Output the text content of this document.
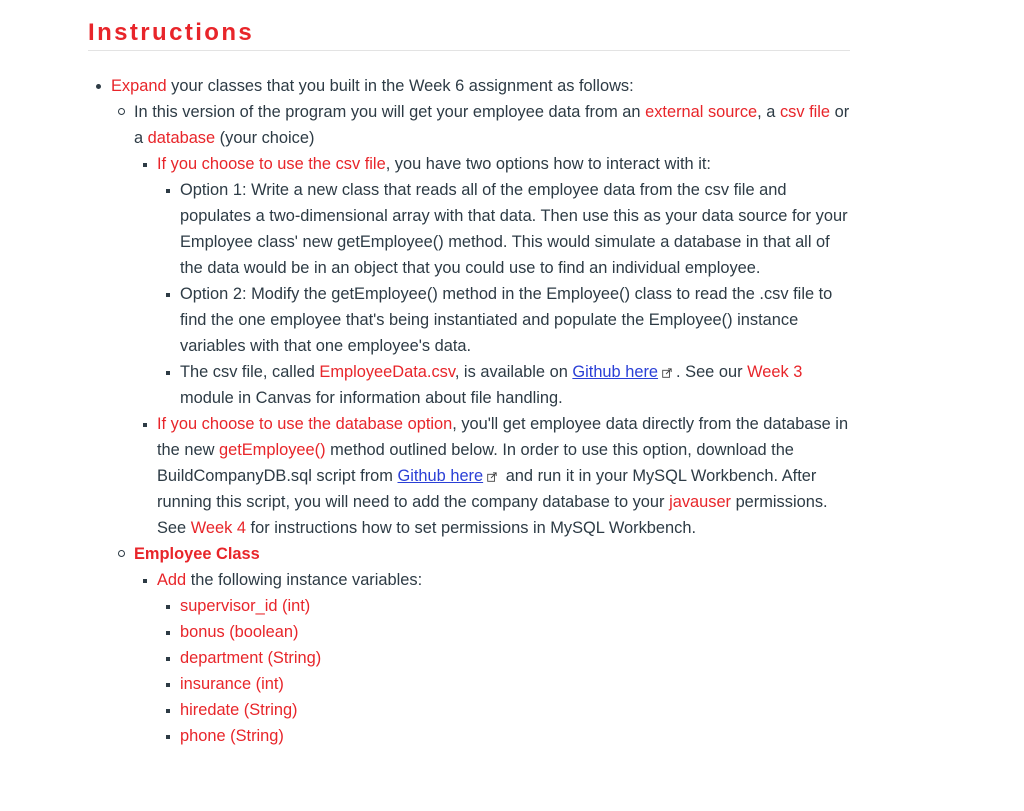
Instructions
Expand your classes that you built in the Week 6 assignment as follows:
In this version of the program you will get your employee data from an external source, a csv file or a database (your choice)
If you choose to use the csv file, you have two options how to interact with it:
Option 1: Write a new class that reads all of the employee data from the csv file and populates a two-dimensional array with that data. Then use this as your data source for your Employee class' new getEmployee() method. This would simulate a database in that all of the data would be in an object that you could use to find an individual employee.
Option 2: Modify the getEmployee() method in the Employee() class to read the .csv file to find the one employee that's being instantiated and populate the Employee() instance variables with that one employee's data.
The csv file, called EmployeeData.csv, is available on Github here . See our Week 3 module in Canvas for information about file handling.
If you choose to use the database option, you'll get employee data directly from the database in the new getEmployee() method outlined below. In order to use this option, download the BuildCompanyDB.sql script from Github here and run it in your MySQL Workbench. After running this script, you will need to add the company database to your javauser permissions. See Week 4 for instructions how to set permissions in MySQL Workbench.
Employee Class
Add the following instance variables:
supervisor_id (int)
bonus (boolean)
department (String)
insurance (int)
hiredate (String)
phone (String)
